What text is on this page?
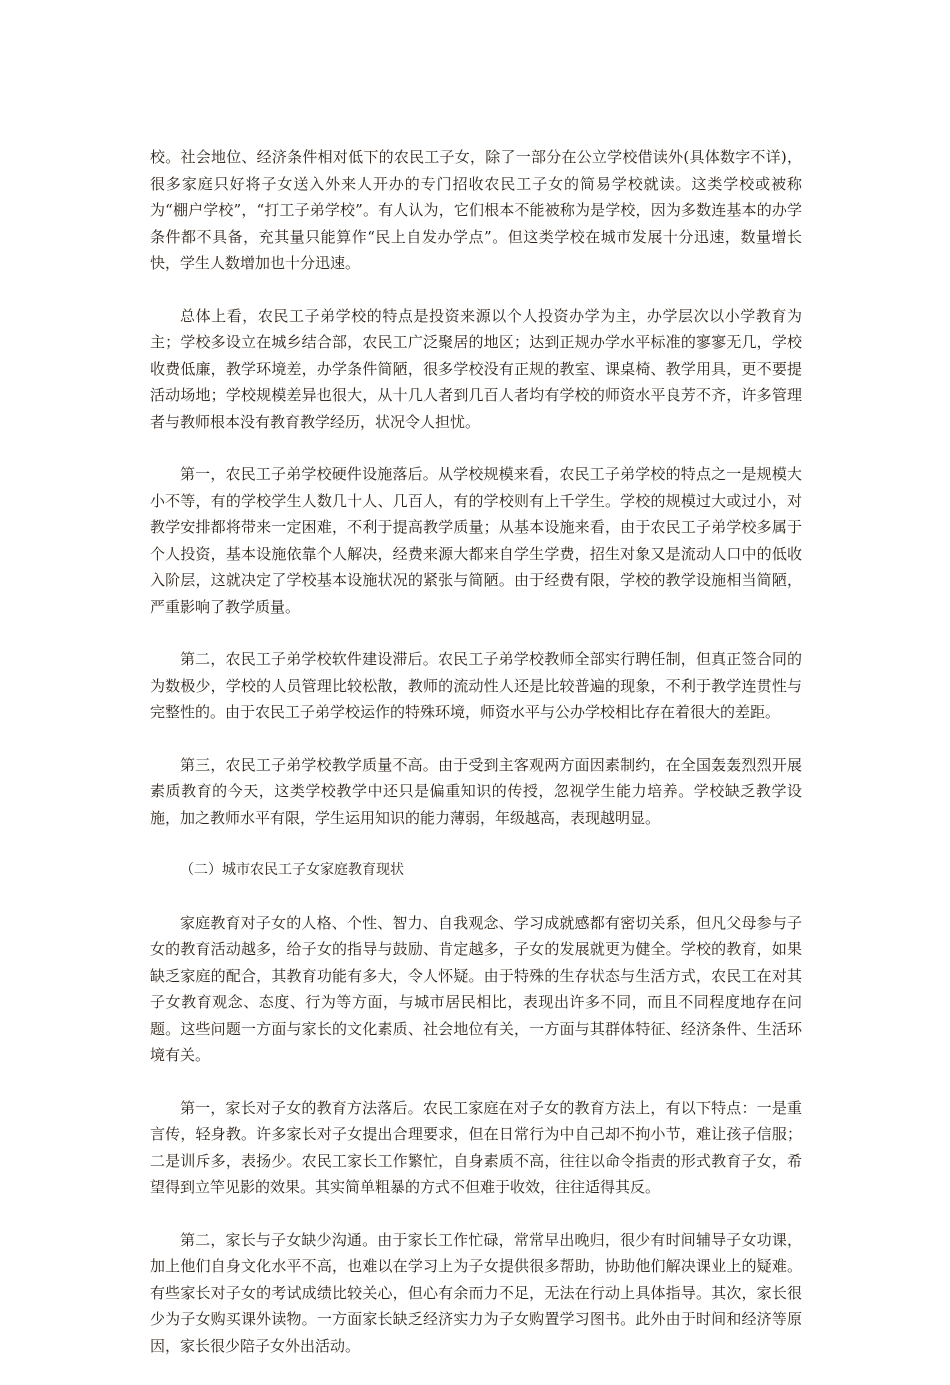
校。社会地位、经济条件相对低下的农民工子女，除了一部分在公立学校借读外(具体数字不详)，很多家庭只好将子女送入外来人开办的专门招收农民工子女的简易学校就读。这类学校或被称为“棚户学校”，“打工子弟学校”。有人认为，它们根本不能被称为是学校，因为多数连基本的办学条件都不具备，充其量只能算作“民上自发办学点”。但这类学校在城市发展十分迅速，数量增长快，学生人数增加也十分迅速。

总体上看，农民工子弟学校的特点是投资来源以个人投资办学为主，办学层次以小学教育为主；学校多设立在城乡结合部，农民工广泛聚居的地区；达到正规办学水平标准的寥寥无几，学校收费低廉，教学环境差，办学条件简陋，很多学校没有正规的教室、课桌椅、教学用具，更不要提活动场地；学校规模差异也很大，从十几人者到几百人者均有学校的师资水平良芳不齐，许多管理者与教师根本没有教育教学经历，状况令人担忧。

第一，农民工子弟学校硬件设施落后。从学校规模来看，农民工子弟学校的特点之一是规模大小不等，有的学校学生人数几十人、几百人，有的学校则有上千学生。学校的规模过大或过小，对教学安排都将带来一定困难，不利于提高教学质量；从基本设施来看，由于农民工子弟学校多属于个人投资，基本设施依靠个人解决，经费来源大都来自学生学费，招生对象又是流动人口中的低收入阶层，这就决定了学校基本设施状况的紧张与简陋。由于经费有限，学校的教学设施相当简陋，严重影响了教学质量。

第二，农民工子弟学校软件建设滞后。农民工子弟学校教师全部实行聘任制，但真正签合同的为数极少，学校的人员管理比较松散，教师的流动性人还是比较普遍的现象，不利于教学连贯性与完整性的。由于农民工子弟学校运作的特殊环境，师资水平与公办学校相比存在着很大的差距。

第三，农民工子弟学校教学质量不高。由于受到主客观两方面因素制约，在全国轰轰烈烈开展素质教育的今天，这类学校教学中还只是偏重知识的传授，忽视学生能力培养。学校缺乏教学设施，加之教师水平有限，学生运用知识的能力薄弱，年级越高，表现越明显。

（二）城市农民工子女家庭教育现状

家庭教育对子女的人格、个性、智力、自我观念、学习成就感都有密切关系，但凡父母参与子女的教育活动越多，给子女的指导与鼓励、肯定越多，子女的发展就更为健全。学校的教育，如果缺乏家庭的配合，其教育功能有多大，令人怀疑。由于特殊的生存状态与生活方式，农民工在对其子女教育观念、态度、行为等方面，与城市居民相比，表现出许多不同，而且不同程度地存在问题。这些问题一方面与家长的文化素质、社会地位有关，一方面与其群体特征、经济条件、生活环境有关。

第一，家长对子女的教育方法落后。农民工家庭在对子女的教育方法上，有以下特点：一是重言传，轻身教。许多家长对子女提出合理要求，但在日常行为中自己却不拘小节，难让孩子信服；二是训斥多，表扬少。农民工家长工作繁忙，自身素质不高，往往以命令指责的形式教育子女，希望得到立竿见影的效果。其实简单粗暴的方式不但难于收效，往往适得其反。

第二，家长与子女缺少沟通。由于家长工作忙碌，常常早出晚归，很少有时间辅导子女功课，加上他们自身文化水平不高，也难以在学习上为子女提供很多帮助，协助他们解决课业上的疑难。有些家长对子女的考试成绩比较关心，但心有余而力不足，无法在行动上具体指导。其次，家长很少为子女购买课外读物。一方面家长缺乏经济实力为子女购置学习图书。此外由于时间和经济等原因，家长很少陪子女外出活动。
